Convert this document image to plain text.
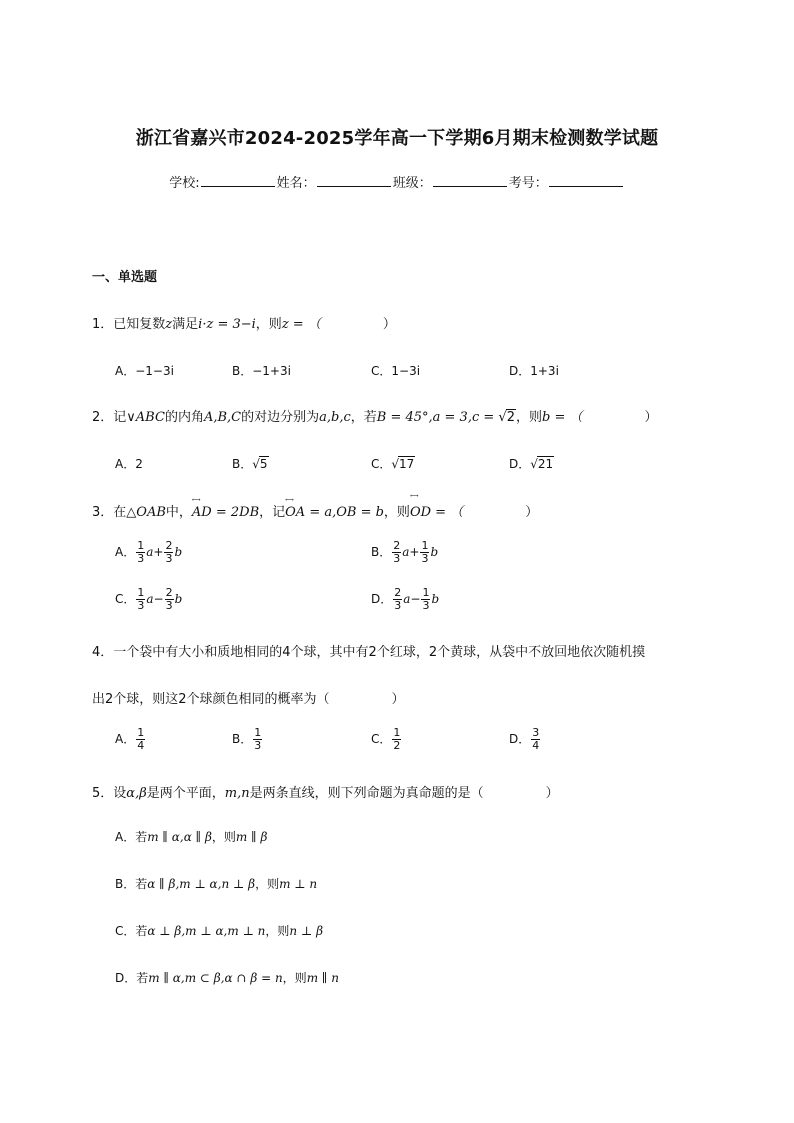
浙江省嘉兴市2024-2025学年高一下学期6月期末检测数学试题
学校:	姓名：	班级：	考号：
一、单选题
1．已知复数z满足i·z = 3−i，则z = （	）
A．−1−3i	B．−1+3i	C．1−3i	D．1+3i
2．记∨ABC的内角A,B,C的对边分别为a,b,c，若B = 45°,a = 3,c = √2，则b = （	）
A．2	B．√5	C．√17	D．√21
3．在△OAB中，←→ AD = 2DB，记←→ OA = a,OB = b，则←→ OD = （	）
A． $\frac{1}{3} a+ \frac{2}{3}$ b	B． $\frac{2}{3} a+ \frac{1}{3}$ b
C． $\frac{1}{3} a- \frac{2}{3}$ b	D． $\frac{2}{3} a- \frac{1}{3}$ b
4．一个袋中有大小和质地相同的4个球，其中有2个红球，2个黄球，从袋中不放回地依次随机摸
出2个球，则这2个球颜色相同的概率为（	）
A． $\frac{1}{4}$	B． $\frac{1}{3}$	C． $\frac{1}{2}$	D． $\frac{3}{4}$
5．设α,β是两个平面，m,n是两条直线，则下列命题为真命题的是（	）
A．若m ∥ α,α ∥ β，则m ∥ β
B．若α ∥ β,m ⊥ α,n ⊥ β，则m ⊥ n
C．若α ⊥ β,m ⊥ α,m ⊥ n，则n ⊥ β
D．若m ∥ α,m ⊂ β,α ∩ β = n，则m ∥ n
